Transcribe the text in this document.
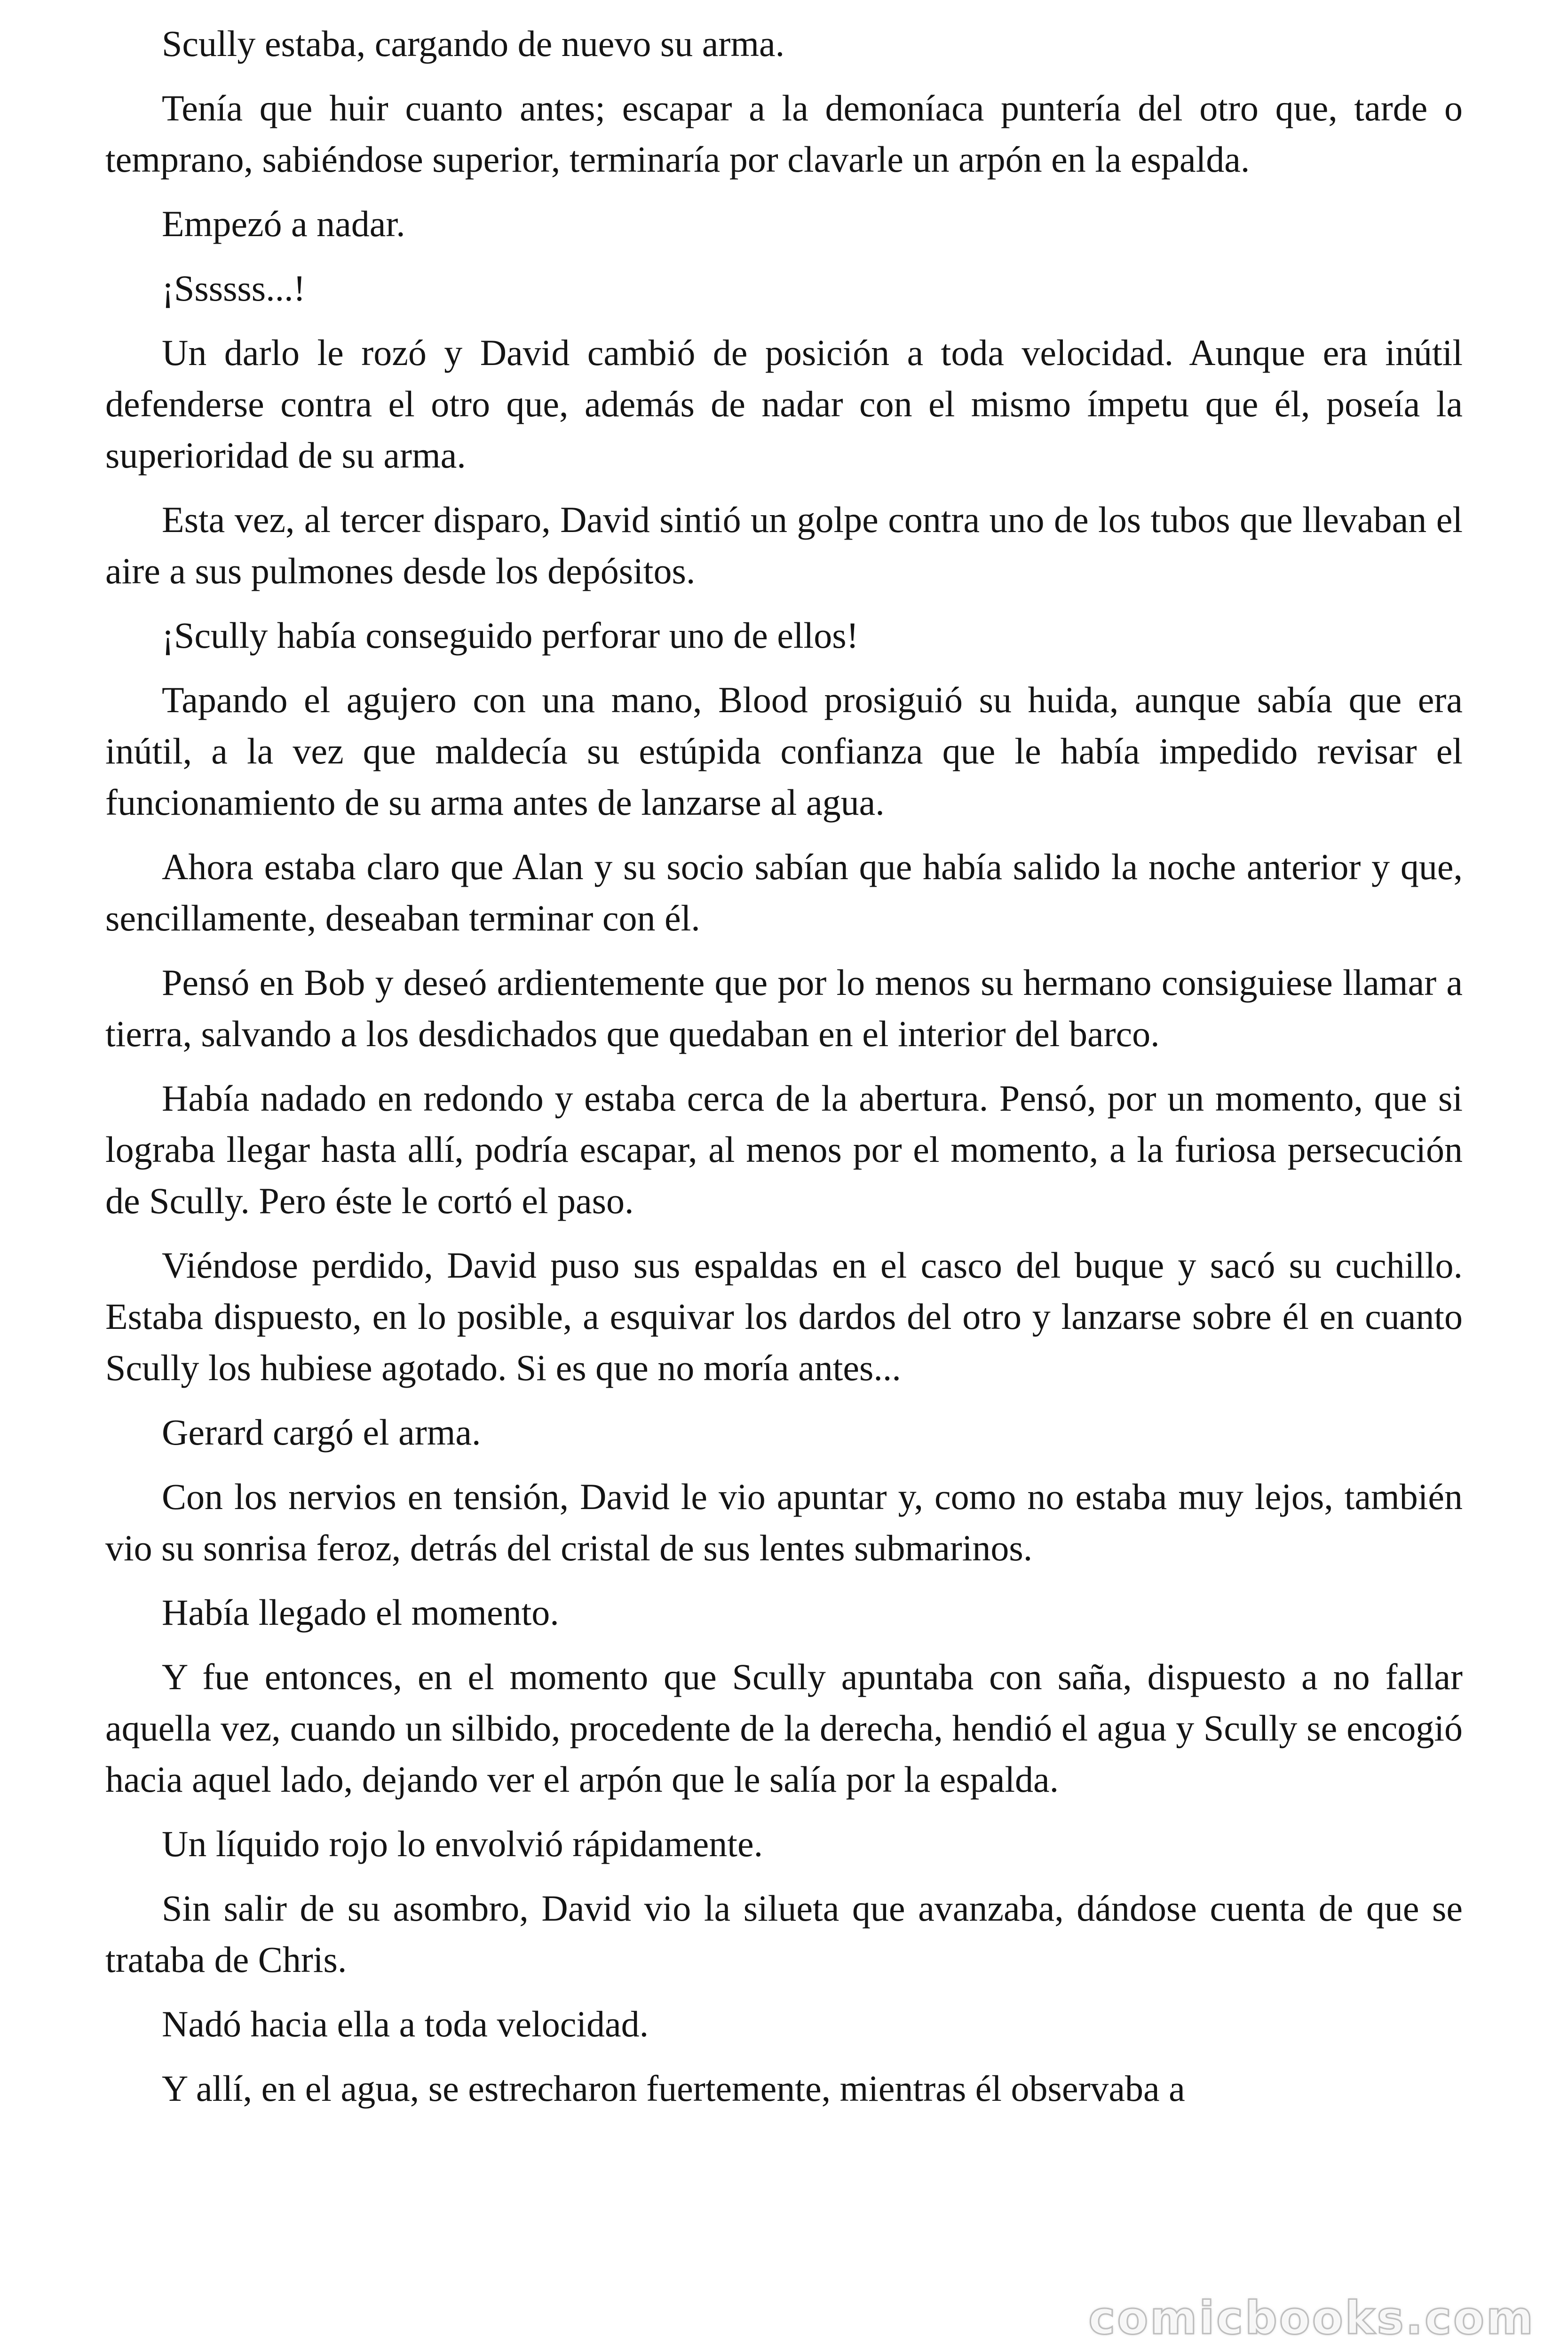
Scully estaba, cargando de nuevo su arma.

Tenía que huir cuanto antes; escapar a la demoníaca puntería del otro que, tarde o temprano, sabiéndose superior, terminaría por clavarle un arpón en la espalda.

Empezó a nadar.

¡Ssssss...!

Un darlo le rozó y David cambió de posición a toda velocidad. Aunque era inútil defenderse contra el otro que, además de nadar con el mismo ímpetu que él, poseía la superioridad de su arma.

Esta vez, al tercer disparo, David sintió un golpe contra uno de los tubos que llevaban el aire a sus pulmones desde los depósitos.

¡Scully había conseguido perforar uno de ellos!

Tapando el agujero con una mano, Blood prosiguió su huida, aunque sabía que era inútil, a la vez que maldecía su estúpida confianza que le había impedido revisar el funcionamiento de su arma antes de lanzarse al agua.

Ahora estaba claro que Alan y su socio sabían que había salido la noche anterior y que, sencillamente, deseaban terminar con él.

Pensó en Bob y deseó ardientemente que por lo menos su hermano consiguiese llamar a tierra, salvando a los desdichados que quedaban en el interior del barco.

Había nadado en redondo y estaba cerca de la abertura. Pensó, por un momento, que si lograba llegar hasta allí, podría escapar, al menos por el momento, a la furiosa persecución de Scully. Pero éste le cortó el paso.

Viéndose perdido, David puso sus espaldas en el casco del buque y sacó su cuchillo. Estaba dispuesto, en lo posible, a esquivar los dardos del otro y lanzarse sobre él en cuanto Scully los hubiese agotado. Si es que no moría antes...

Gerard cargó el arma.

Con los nervios en tensión, David le vio apuntar y, como no estaba muy lejos, también vio su sonrisa feroz, detrás del cristal de sus lentes submarinos.

Había llegado el momento.

Y fue entonces, en el momento que Scully apuntaba con saña, dispuesto a no fallar aquella vez, cuando un silbido, procedente de la derecha, hendió el agua y Scully se encogió hacia aquel lado, dejando ver el arpón que le salía por la espalda.

Un líquido rojo lo envolvió rápidamente.

Sin salir de su asombro, David vio la silueta que avanzaba, dándose cuenta de que se trataba de Chris.

Nadó hacia ella a toda velocidad.

Y allí, en el agua, se estrecharon fuertemente, mientras él observaba a

comicbooks.com
